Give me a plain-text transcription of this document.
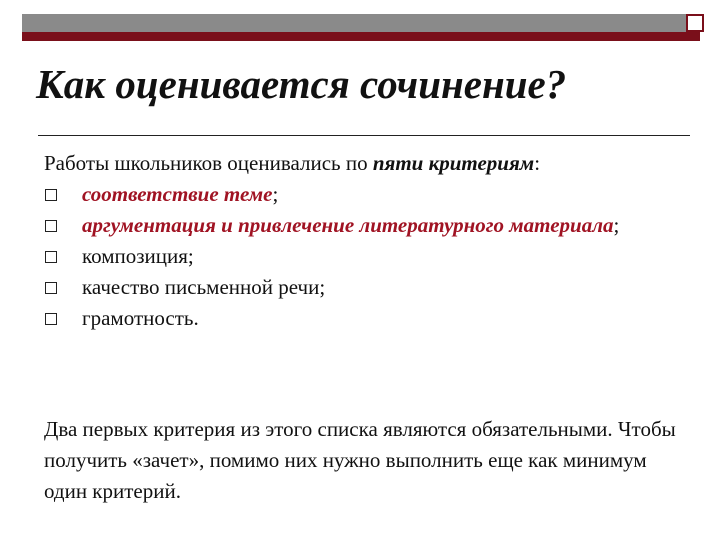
Как оценивается сочинение?

Работы школьников оценивались по пяти критериям:

соответствие теме;
аргументация и привлечение литературного материала;
композиция;
качество письменной речи;
грамотность.

Два первых критерия из этого списка являются обязательными. Чтобы получить «зачет», помимо них нужно выполнить еще как минимум один критерий.
